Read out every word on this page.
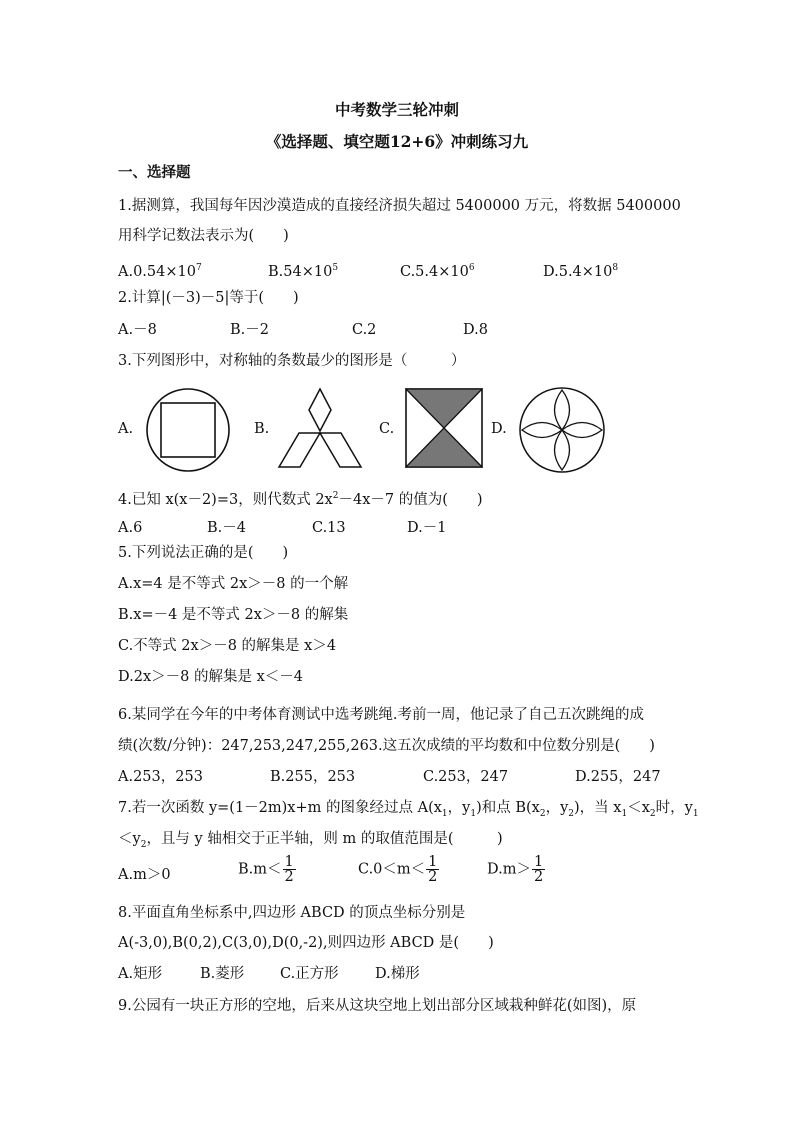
中考数学三轮冲刺
《选择题、填空题12+6》冲刺练习九
一、选择题
1.据测算，我国每年因沙漠造成的直接经济损失超过 5400000 万元，将数据 5400000
用科学记数法表示为(　　)
$A.0.54\times 10^7$	$B.54\times 10^5$	$C.5.4\times 10^6$	$D.5.4\times 10^8$
2.计算|(－3)－5|等于(　　)
A.－8	B.－2	C.2	D.8
3.下列图形中，对称轴的条数最少的图形是（　　　）
A.	B.	C.	D.
4.已知 x(x－2)=3，则代数式 $2x^2-4x-7$ 的值为(　　)
A.6	B.－4	C.13	D.－1
5.下列说法正确的是(　　)
A.x=4 是不等式 2x＞－8 的一个解
B.x=－4 是不等式 2x＞－8 的解集
C.不等式 2x＞－8 的解集是 x＞4
D.2x＞－8 的解集是 x＜－4
6.某同学在今年的中考体育测试中选考跳绳.考前一周，他记录了自己五次跳绳的成
绩(次数/分钟)：247,253,247,255,263.这五次成绩的平均数和中位数分别是(　　)
A.253，253	B.255，253	C.253，247	D.255，247
7.若一次函数 y=(1－2m)x+m 的图象经过点 $A(x_1$，$y_1$)和点 $B(x_2$，$y_2$)，当 $x_1<x_2$时，$y_1$
$<y_2$，且与 y 轴相交于正半轴，则 m 的取值范围是(　　　)
A.m＞0	$B.m< \frac{1}{2}$	$C.0<m< \frac{1}{2}$	$D.m> \frac{1}{2}$
8.平面直角坐标系中,四边形 ABCD 的顶点坐标分别是
A(-3,0),B(0,2),C(3,0),D(0,-2),则四边形 ABCD 是(　　)
A.矩形	B.菱形 C.正方形	D.梯形
9.公园有一块正方形的空地，后来从这块空地上划出部分区域栽种鲜花(如图)，原
